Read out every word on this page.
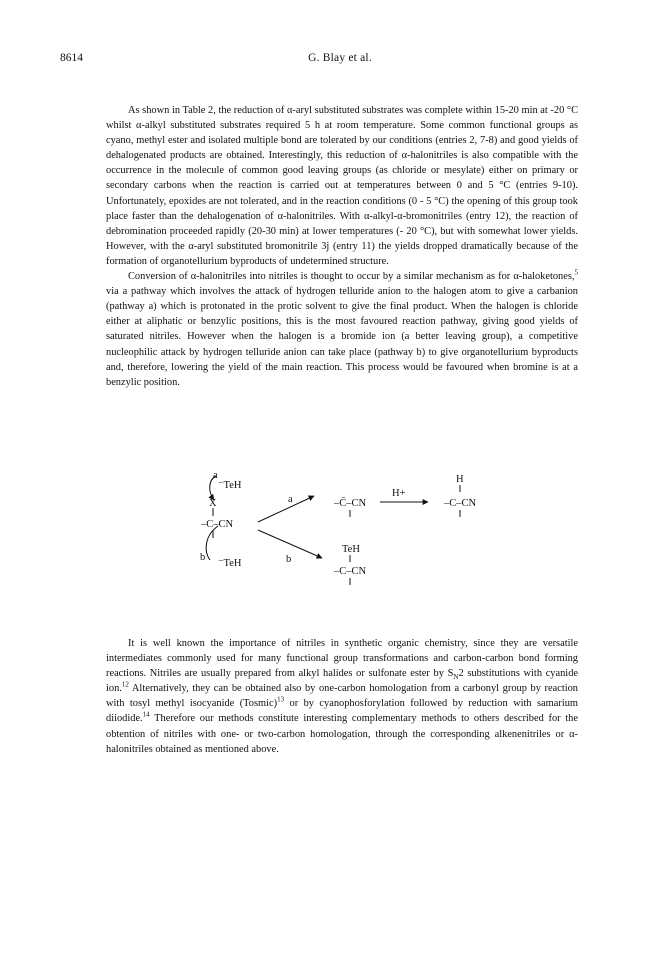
8614	G. Blay et al.

As shown in Table 2, the reduction of α-aryl substituted substrates was complete within 15-20 min at -20 °C whilst α-alkyl substituted substrates required 5 h at room temperature. Some common functional groups as cyano, methyl ester and isolated multiple bond are tolerated by our conditions (entries 2, 7-8) and good yields of dehalogenated products are obtained. Interestingly, this reduction of α-halonitriles is also compatible with the occurrence in the molecule of common good leaving groups (as chloride or mesylate) either on primary or secondary carbons when the reaction is carried out at temperatures between 0 and 5 °C (entries 9-10). Unfortunately, epoxides are not tolerated, and in the reaction conditions (0 - 5 °C) the opening of this group took place faster than the dehalogenation of α-halonitriles. With α-alkyl-α-bromonitriles (entry 12), the reaction of debromination proceeded rapidly (20-30 min) at lower temperatures (- 20 °C), but with somewhat lower yields. However, with the α-aryl substituted bromonitrile 3j (entry 11) the yields dropped dramatically because of the formation of organotellurium byproducts of undetermined structure.

Conversion of α-halonitriles into nitriles is thought to occur by a similar mechanism as for α-haloketones,$^5$ via a pathway which involves the attack of hydrogen telluride anion to the halogen atom to give a carbanion (pathway a) which is protonated in the protic solvent to give the final product. When the halogen is chloride either at aliphatic or benzylic positions, this is the most favoured reaction pathway, giving good yields of saturated nitriles. However when the halogen is a bromide ion (a better leaving group), a competitive nucleophilic attack by hydrogen telluride anion can take place (pathway b) to give organotellurium byproducts and, therefore, lowering the yield of the main reaction. This process would be favoured when bromine is at a benzylic position.

⁻TeH
a
X
–C–CN
b
⁻TeH
a
b
–C̄–CN
H+
H
–C–CN
TeH
–C–CN

It is well known the importance of nitriles in synthetic organic chemistry, since they are versatile intermediates commonly used for many functional group transformations and carbon-carbon bond forming reactions. Nitriles are usually prepared from alkyl halides or sulfonate ester by $S_N2$ substitutions with cyanide ion.$^{12}$ Alternatively, they can be obtained also by one-carbon homologation from a carbonyl group by reaction with tosyl methyl isocyanide (Tosmic)$^{13}$ or by cyanophosforylation followed by reduction with samarium diiodide.$^{14}$ Therefore our methods constitute interesting complementary methods to others described for the obtention of nitriles with one- or two-carbon homologation, through the corresponding alkenenitriles or α-halonitriles obtained as mentioned above.
